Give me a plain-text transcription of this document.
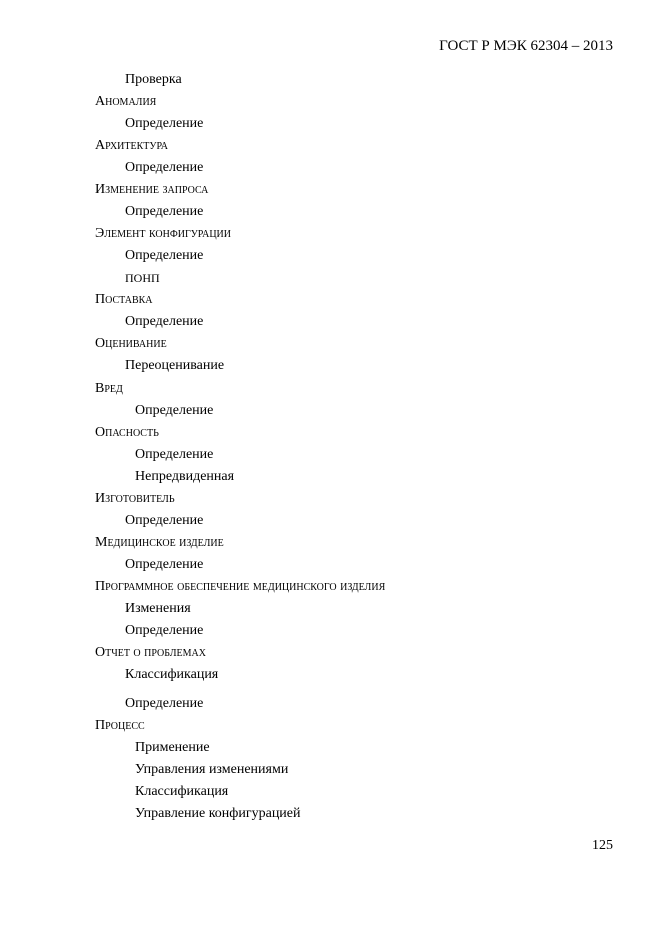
ГОСТ Р МЭК 62304 – 2013
Проверка
Аномалия
Определение
Архитектура
Определение
Изменение запроса
Определение
Элемент конфигурации
Определение
ПОНП
Поставка
Определение
Оценивание
Переоценивание
Вред
Определение
Опасность
Определение
Непредвиденная
Изготовитель
Определение
Медицинское изделие
Определение
Программное обеспечение медицинского изделия
Изменения
Определение
Отчет о проблемах
Классификация
Определение
Процесс
Применение
Управления изменениями
Классификация
Управление конфигурацией
125
